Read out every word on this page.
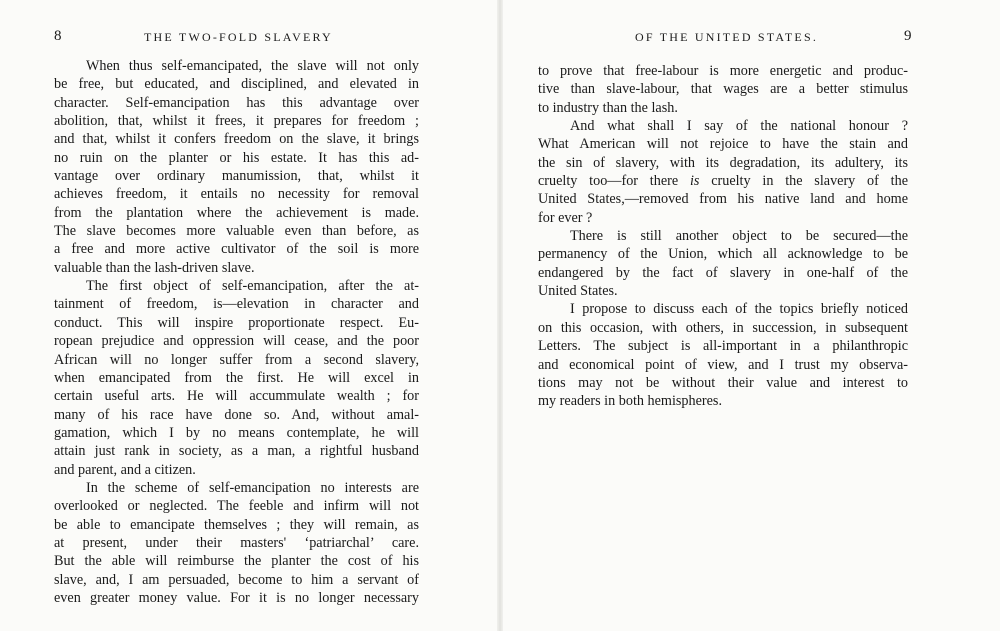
8	THE TWO-FOLD SLAVERY
When thus self-emancipated, the slave will not only
be free, but educated, and disciplined, and elevated in
character. Self-emancipation has this advantage over
abolition, that, whilst it frees, it prepares for freedom ;
and that, whilst it confers freedom on the slave, it brings
no ruin on the planter or his estate. It has this ad-
vantage over ordinary manumission, that, whilst it
achieves freedom, it entails no necessity for removal
from the plantation where the achievement is made.
The slave becomes more valuable even than before, as
a free and more active cultivator of the soil is more
valuable than the lash-driven slave.
The first object of self-emancipation, after the at-
tainment of freedom, is—elevation in character and
conduct. This will inspire proportionate respect. Eu-
ropean prejudice and oppression will cease, and the poor
African will no longer suffer from a second slavery,
when emancipated from the first. He will excel in
certain useful arts. He will accummulate wealth ; for
many of his race have done so. And, without amal-
gamation, which I by no means contemplate, he will
attain just rank in society, as a man, a rightful husband
and parent, and a citizen.
In the scheme of self-emancipation no interests are
overlooked or neglected. The feeble and infirm will not
be able to emancipate themselves ; they will remain, as
at present, under their masters' ‘patriarchal’ care.
But the able will reimburse the planter the cost of his
slave, and, I am persuaded, become to him a servant of
even greater money value. For it is no longer necessary
OF THE UNITED STATES.	9
to prove that free-labour is more energetic and produc-
tive than slave-labour, that wages are a better stimulus
to industry than the lash.
And what shall I say of the national honour ?
What American will not rejoice to have the stain and
the sin of slavery, with its degradation, its adultery, its
cruelty too—for there is cruelty in the slavery of the
United States,—removed from his native land and home
for ever ?
There is still another object to be secured—the
permanency of the Union, which all acknowledge to be
endangered by the fact of slavery in one-half of the
United States.
I propose to discuss each of the topics briefly noticed
on this occasion, with others, in succession, in subsequent
Letters. The subject is all-important in a philanthropic
and economical point of view, and I trust my observa-
tions may not be without their value and interest to
my readers in both hemispheres.
